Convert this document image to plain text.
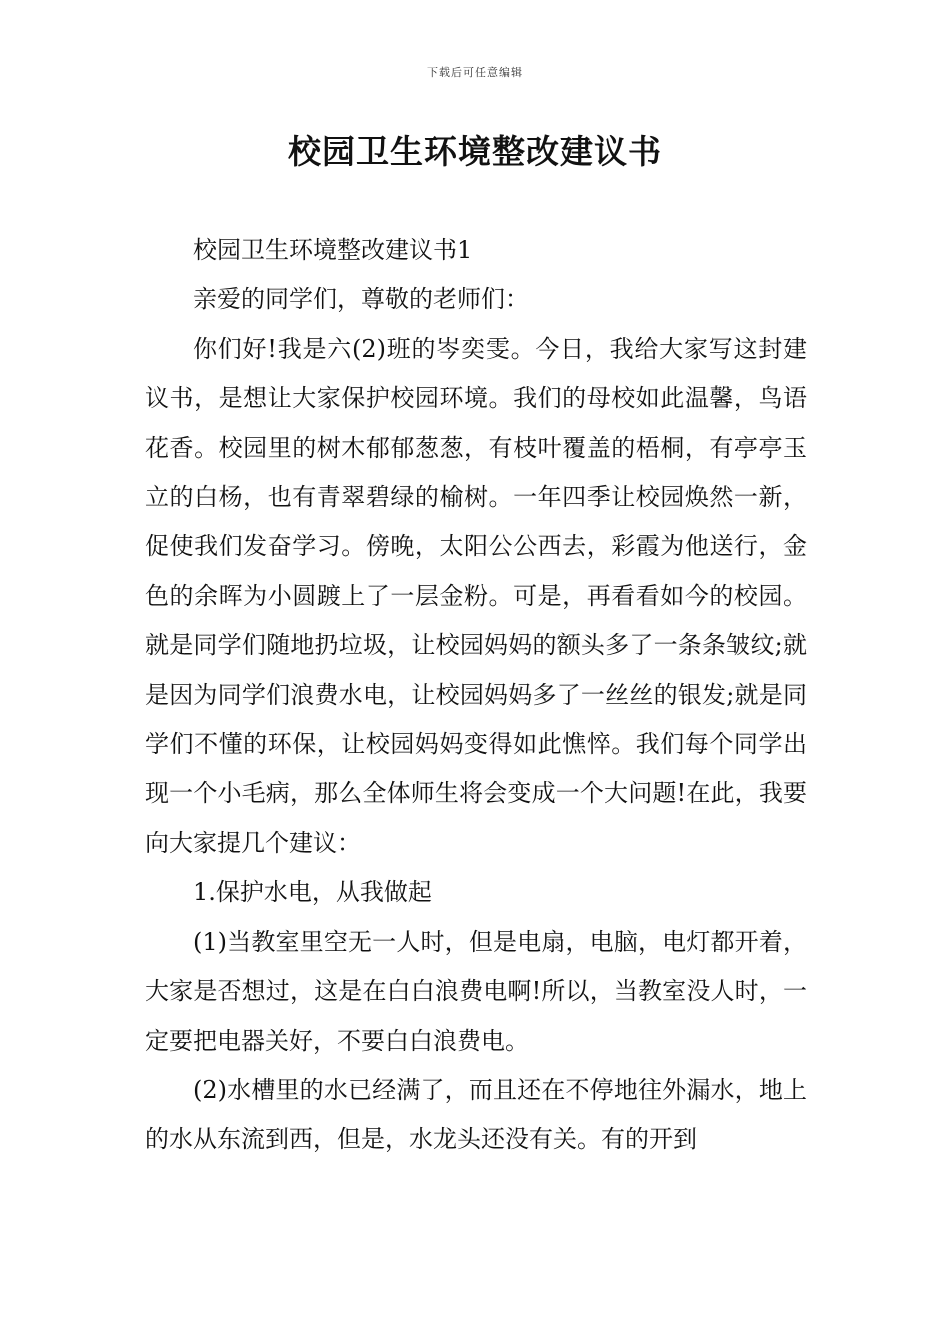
下载后可任意编辑
校园卫生环境整改建议书

校园卫生环境整改建议书1

亲爱的同学们，尊敬的老师们：

你们好!我是六(2)班的岑奕雯。今日，我给大家写这封建议书，是想让大家保护校园环境。我们的母校如此温馨，鸟语花香。校园里的树木郁郁葱葱，有枝叶覆盖的梧桐，有亭亭玉立的白杨，也有青翠碧绿的榆树。一年四季让校园焕然一新，促使我们发奋学习。傍晚，太阳公公西去，彩霞为他送行，金色的余晖为小圆踱上了一层金粉。可是，再看看如今的校园。就是同学们随地扔垃圾，让校园妈妈的额头多了一条条皱纹;就是因为同学们浪费水电，让校园妈妈多了一丝丝的银发;就是同学们不懂的环保，让校园妈妈变得如此憔悴。我们每个同学出现一个小毛病，那么全体师生将会变成一个大问题!在此，我要向大家提几个建议：

1.保护水电，从我做起

(1)当教室里空无一人时，但是电扇，电脑，电灯都开着，大家是否想过，这是在白白浪费电啊!所以，当教室没人时，一定要把电器关好，不要白白浪费电。

(2)水槽里的水已经满了，而且还在不停地往外漏水，地上的水从东流到西，但是，水龙头还没有关。有的开到
